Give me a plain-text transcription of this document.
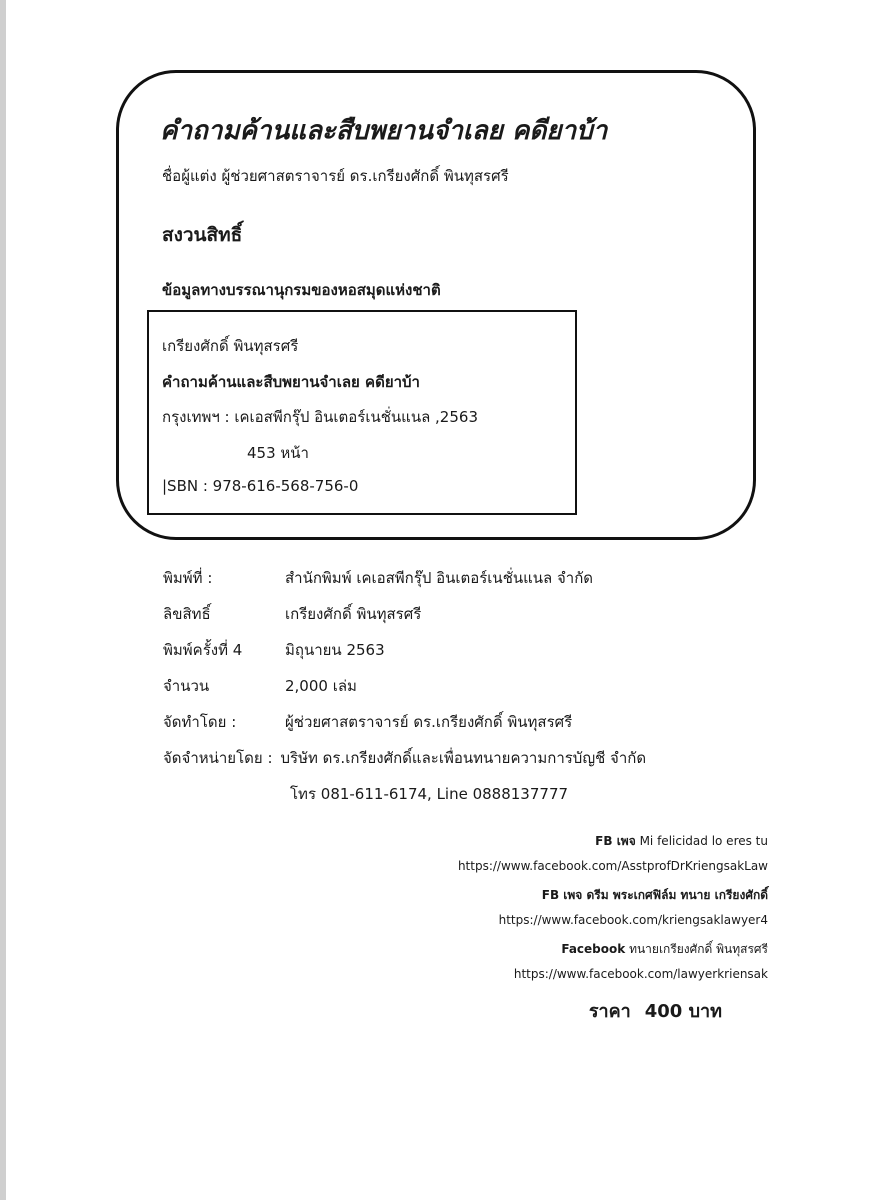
คำถามค้านและสืบพยานจำเลย คดียาบ้า
ชื่อผู้แต่ง ผู้ช่วยศาสตราจารย์ ดร.เกรียงศักดิ์ พินทุสรศรี
สงวนสิทธิ์
ข้อมูลทางบรรณานุกรมของหอสมุดแห่งชาติ
เกรียงศักดิ์ พินทุสรศรี
คำถามค้านและสืบพยานจำเลย คดียาบ้า
กรุงเทพฯ : เคเอสพีกรุ๊ป อินเตอร์เนชั่นแนล ,2563
453 หน้า
|SBN : 978-616-568-756-0
พิมพ์ที่ :	สำนักพิมพ์ เคเอสพีกรุ๊ป อินเตอร์เนชั่นแนล จำกัด
ลิขสิทธิ์	เกรียงศักดิ์ พินทุสรศรี
พิมพ์ครั้งที่ 4	มิถุนายน 2563
จำนวน	2,000 เล่ม
จัดทำโดย :	ผู้ช่วยศาสตราจารย์ ดร.เกรียงศักดิ์ พินทุสรศรี
จัดจำหน่ายโดย : บริษัท ดร.เกรียงศักดิ์และเพื่อนทนายความการบัญชี จำกัด
โทร 081-611-6174, Line 0888137777
FB เพจ Mi felicidad lo eres tu
https://www.facebook.com/AsstprofDrKriengsakLaw
FB เพจ ดรีม พระเกศฟิล์ม ทนาย เกรียงศักดิ์
https://www.facebook.com/kriengsaklawyer4
Facebook ทนายเกรียงศักดิ์ พินทุสรศรี
https://www.facebook.com/lawyerkriensak
ราคา 400 บาท
